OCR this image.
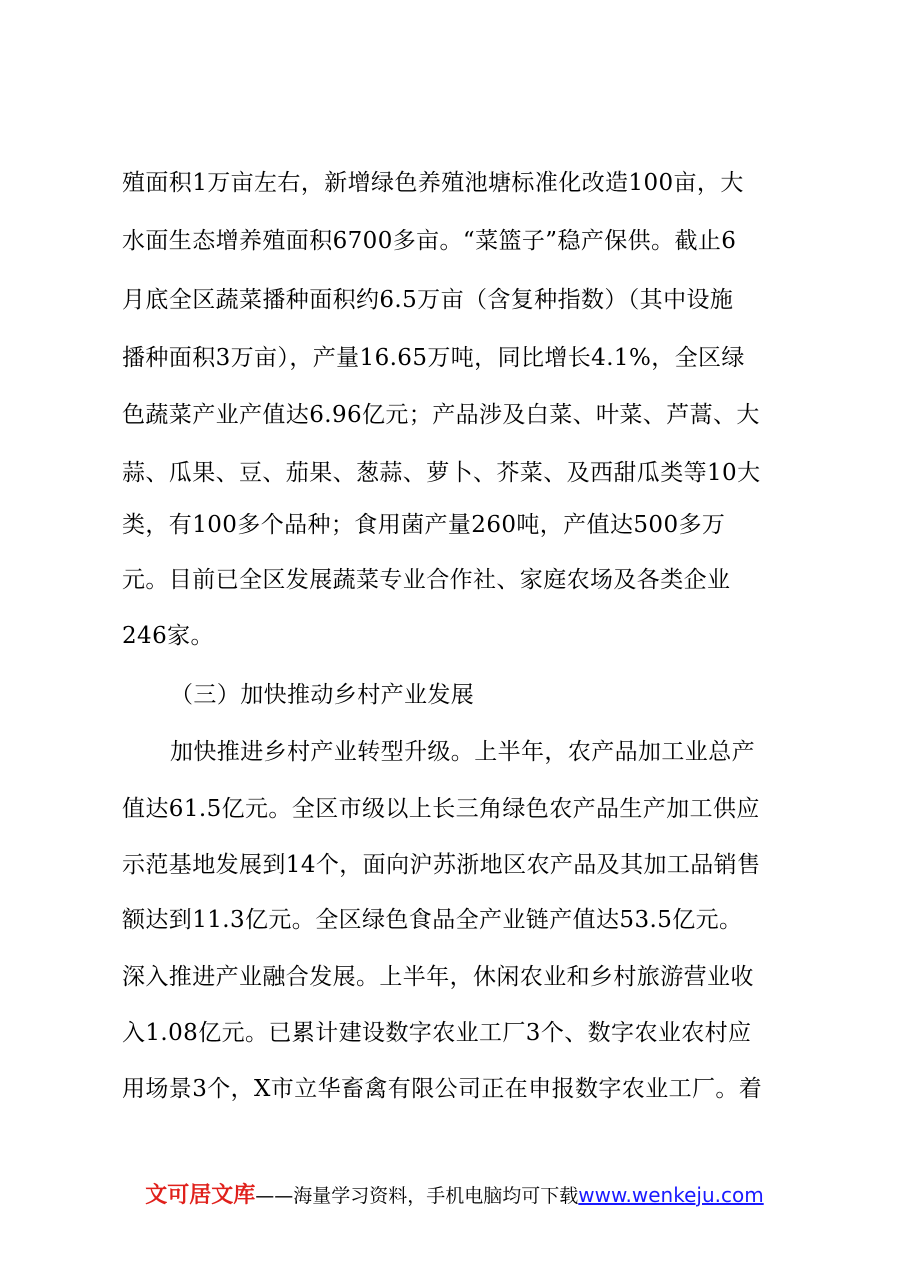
殖面积1万亩左右，新增绿色养殖池塘标准化改造100亩，大
水面生态增养殖面积6700多亩。“菜篮子”稳产保供。截止6
月底全区蔬菜播种面积约6.5万亩（含复种指数）（其中设施
播种面积3万亩），产量16.65万吨，同比增长4.1%，全区绿
色蔬菜产业产值达6.96亿元；产品涉及白菜、叶菜、芦蒿、大
蒜、瓜果、豆、茄果、葱蒜、萝卜、芥菜、及西甜瓜类等10大
类，有100多个品种；食用菌产量260吨，产值达500多万
元。目前已全区发展蔬菜专业合作社、家庭农场及各类企业
246家。
（三）加快推动乡村产业发展
加快推进乡村产业转型升级。上半年，农产品加工业总产
值达61.5亿元。全区市级以上长三角绿色农产品生产加工供应
示范基地发展到14个，面向沪苏浙地区农产品及其加工品销售
额达到11.3亿元。全区绿色食品全产业链产值达53.5亿元。
深入推进产业融合发展。上半年，休闲农业和乡村旅游营业收
入1.08亿元。已累计建设数字农业工厂3个、数字农业农村应
用场景3个，X市立华畜禽有限公司正在申报数字农业工厂。着
文可居文库——海量学习资料，手机电脑均可下载www.wenkeju.com
